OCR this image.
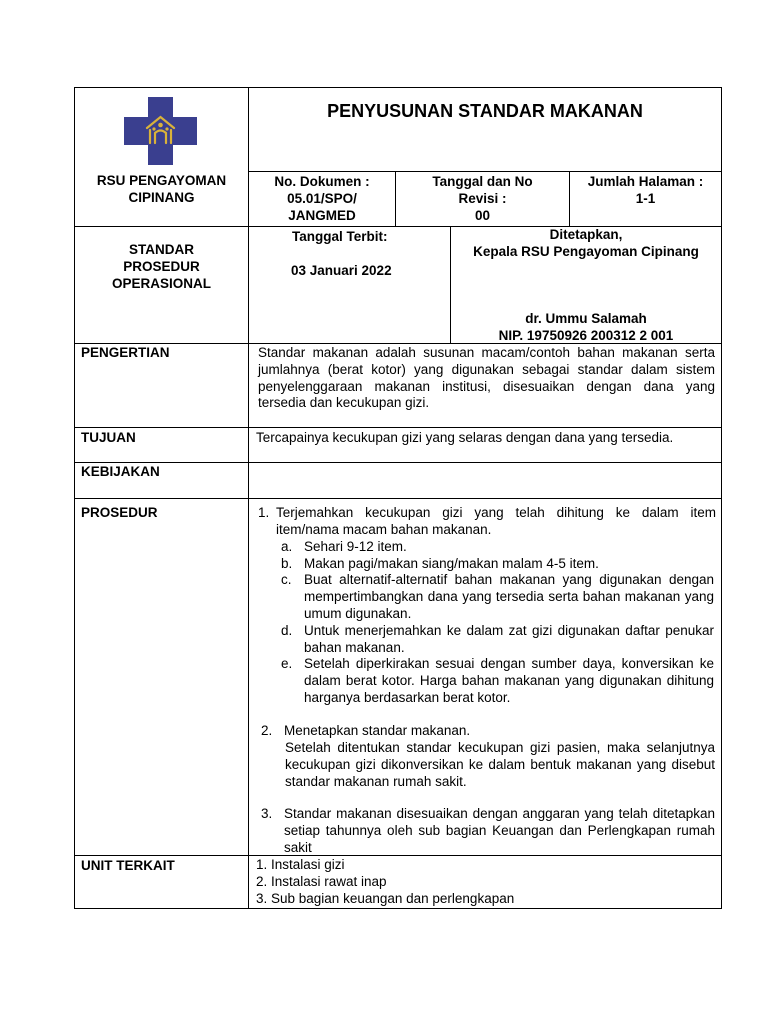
PENYUSUNAN STANDAR MAKANAN
RSU PENGAYOMAN
CIPINANG
No. Dokumen :
05.01/SPO/
JANGMED
Tanggal dan No
Revisi :
00
Jumlah Halaman :
1-1
STANDAR
PROSEDUR
OPERASIONAL
Tanggal Terbit:
03 Januari 2022
Ditetapkan,
Kepala RSU Pengayoman Cipinang
dr. Ummu Salamah
NIP. 19750926 200312 2 001
PENGERTIAN
TUJUAN
KEBIJAKAN
PROSEDUR
UNIT TERKAIT
Standar makanan adalah susunan macam/contoh bahan makanan serta jumlahnya (berat kotor) yang digunakan sebagai standar dalam sistem penyelenggaraan makanan institusi, disesuaikan dengan dana yang tersedia dan kecukupan gizi.
Tercapainya kecukupan gizi yang selaras dengan dana yang tersedia.
1. Terjemahkan kecukupan gizi yang telah dihitung ke dalam item item/nama macam bahan makanan.
a. Sehari 9-12 item.
b. Makan pagi/makan siang/makan malam 4-5 item.
c. Buat alternatif-alternatif bahan makanan yang digunakan dengan mempertimbangkan dana yang tersedia serta bahan makanan yang umum digunakan.
d. Untuk menerjemahkan ke dalam zat gizi digunakan daftar penukar bahan makanan.
e. Setelah diperkirakan sesuai dengan sumber daya, konversikan ke dalam berat kotor. Harga bahan makanan yang digunakan dihitung harganya berdasarkan berat kotor.
2. Menetapkan standar makanan.
Setelah ditentukan standar kecukupan gizi pasien, maka selanjutnya kecukupan gizi dikonversikan ke dalam bentuk makanan yang disebut standar makanan rumah sakit.
3. Standar makanan disesuaikan dengan anggaran yang telah ditetapkan setiap tahunnya oleh sub bagian Keuangan dan Perlengkapan rumah sakit
1. Instalasi gizi
2. Instalasi rawat inap
3. Sub bagian keuangan dan perlengkapan
